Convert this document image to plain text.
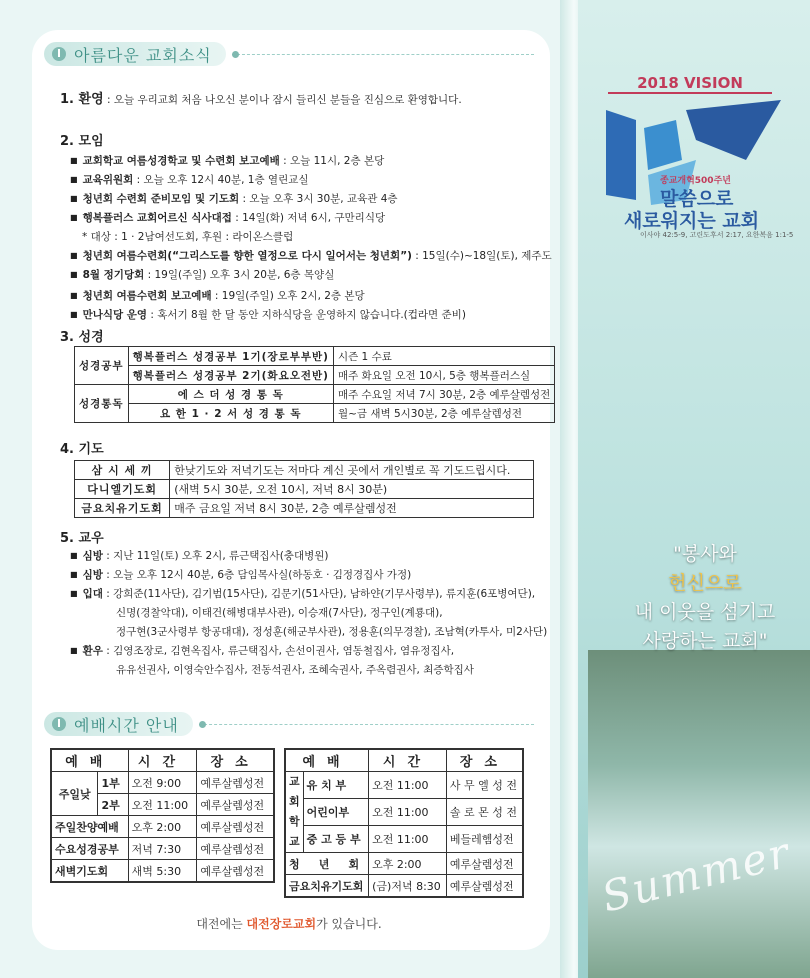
아름다운 교회소식
1. 환영 : 오늘 우리교회 처음 나오신 분이나 잠시 들리신 분들을 진심으로 환영합니다.
2. 모임
■ 교회학교 여름성경학교 및 수련회 보고예배 : 오늘 11시, 2층 본당
■ 교육위원회 : 오늘 오후 12시 40분, 1층 열린교실
■ 청년회 수련회 준비모임 및 기도회 : 오늘 오후 3시 30분, 교육관 4층
■ 행복플러스 교회어르신 식사대접 : 14일(화) 저녁 6시, 구만리식당
* 대상 : 1 · 2남여선도회, 후원 : 라이온스클럽
■ 청년회 여름수련회(“그리스도를 향한 열정으로 다시 일어서는 청년회”) : 15일(수)~18일(토), 제주도
■ 8월 정기당회 : 19일(주일) 오후 3시 20분, 6층 목양실
■ 청년회 여름수련회 보고예배 : 19일(주일) 오후 2시, 2층 본당
■ 만나식당 운영 : 혹서기 8월 한 달 동안 지하식당을 운영하지 않습니다.(컵라면 준비)
3. 성경
성경공부	행복플러스 성경공부 1기(장로부부반)	시즌 1 수료
	행복플러스 성경공부 2기(화요오전반)	매주 화요일 오전 10시, 5층 행복플러스실
성경통독	에 스 더 성 경 통 독	매주 수요일 저녁 7시 30분, 2층 예루살렘성전
	요 한 1 · 2 서 성 경 통 독	월~금 새벽 5시30분, 2층 예루살렘성전
4. 기도
삼 시 세 끼	한낮기도와 저녁기도는 저마다 계신 곳에서 개인별로 꼭 기도드립시다.
다니엘기도회	(새벽 5시 30분, 오전 10시, 저녁 8시 30분)
금요치유기도회	매주 금요일 저녁 8시 30분, 2층 예루살렘성전
5. 교우
■ 심방 : 지난 11일(토) 오후 2시, 류근택집사(충대병원)
■ 심방 : 오늘 오후 12시 40분, 6층 담임목사실(하동호 · 김정경집사 가정)
■ 입대 : 강희준(11사단), 김기범(15사단), 김문기(51사단), 남하얀(기무사령부), 류지훈(6포병여단),
신명(경찰악대), 이태건(해병대부사관), 이승재(7사단), 정구인(계룡대),
정구현(3군사령부 항공대대), 정성훈(해군부사관), 정용훈(의무경찰), 조남혁(카투사, 미2사단)
■ 환우 : 김영조장로, 김현옥집사, 류근택집사, 손선이권사, 염동철집사, 염유정집사,
유유선권사, 이영숙안수집사, 전동석권사, 조혜숙권사, 주옥렴권사, 최증학집사
예배시간 안내
예배		시간	장소
주일낮	1부	오전 9:00	예루살렘성전
	2부	오전 11:00	예루살렘성전
주일찬양예배		오후 2:00	예루살렘성전
수요성경공부		저녁 7:30	예루살렘성전
새벽기도회		새벽 5:30	예루살렘성전
예배		시간	장소
교회학교	유 치 부	오전 11:00	사 무 엘 성 전
	어린이부	오전 11:00	솔 로 몬 성 전
	중 고 등 부	오전 11:00	베들레헴성전
청     년     회		오후 2:00	예루살렘성전
금요치유기도회		(금)저녁 8:30	예루살렘성전
대전에는 대전장로교회가 있습니다.
2018 VISION
종교개혁500주년
말씀으로
새로워지는 교회
이사야 42:5-9, 고린도후서 2:17, 요한복음 1:1-5
"봉사와
헌신으로
내 이웃을 섬기고
사랑하는 교회"
Summer
